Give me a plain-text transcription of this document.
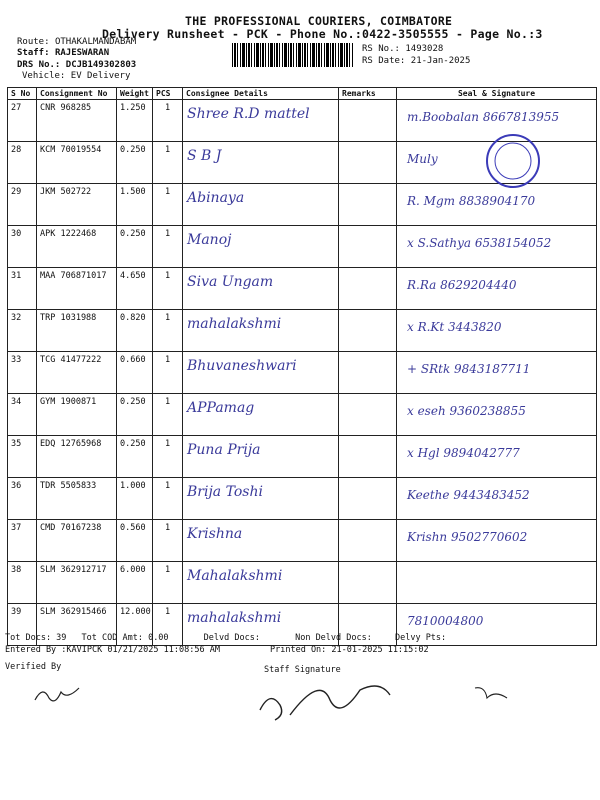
THE PROFESSIONAL COURIERS, COIMBATORE
Delivery Runsheet - PCK - Phone No.:0422-3505555 - Page No.:3
Route: OTHAKALMANDABAM
Staff: RAJESWARAN
DRS No.: DCJB149302803
Vehicle: EV Delivery
RS No.: 1493028
RS Date: 21-Jan-2025
S No	Consignment No	Weight	PCS	Consignee Details	Remarks	Seal & Signature
27	CNR 968285	1.250	1	Shree R.D mattel		m.Boobalan 8667813955

28	KCM 70019554	0.250	1	S B J		Muly

29	JKM 502722	1.500	1	Abinaya		R. Mgm 8838904170

30	APK 1222468	0.250	1	Manoj		x S.Sathya 6538154052

31	MAA 706871017	4.650	1	Siva Ungam		R.Ra 8629204440

32	TRP 1031988	0.820	1	mahalakshmi		x R.Kt 3443820

33	TCG 41477222	0.660	1	Bhuvaneshwari		+ SRtk 9843187711

34	GYM 1900871	0.250	1	APPamag		x eseh 9360238855

35	EDQ 12765968	0.250	1	Puna Prija		x Hgl 9894042777

36	TDR 5505833	1.000	1	Brija Toshi		Keethe 9443483452

37	CMD 70167238	0.560	1	Krishna		Krishn 9502770602

38	SLM 362912717	6.000	1	Mahalakshmi		

39	SLM 362915466	12.000	1	mahalakshmi		7810004800
Tot Docs: 39 Tot COD Amt: 0.00	Delvd Docs:	Non Delvd Docs:	Delvy Pts:
Entered By :KAVIPCK 01/21/2025 11:08:56 AM	Printed On: 21-01-2025 11:15:02
Verified By	Staff Signature
